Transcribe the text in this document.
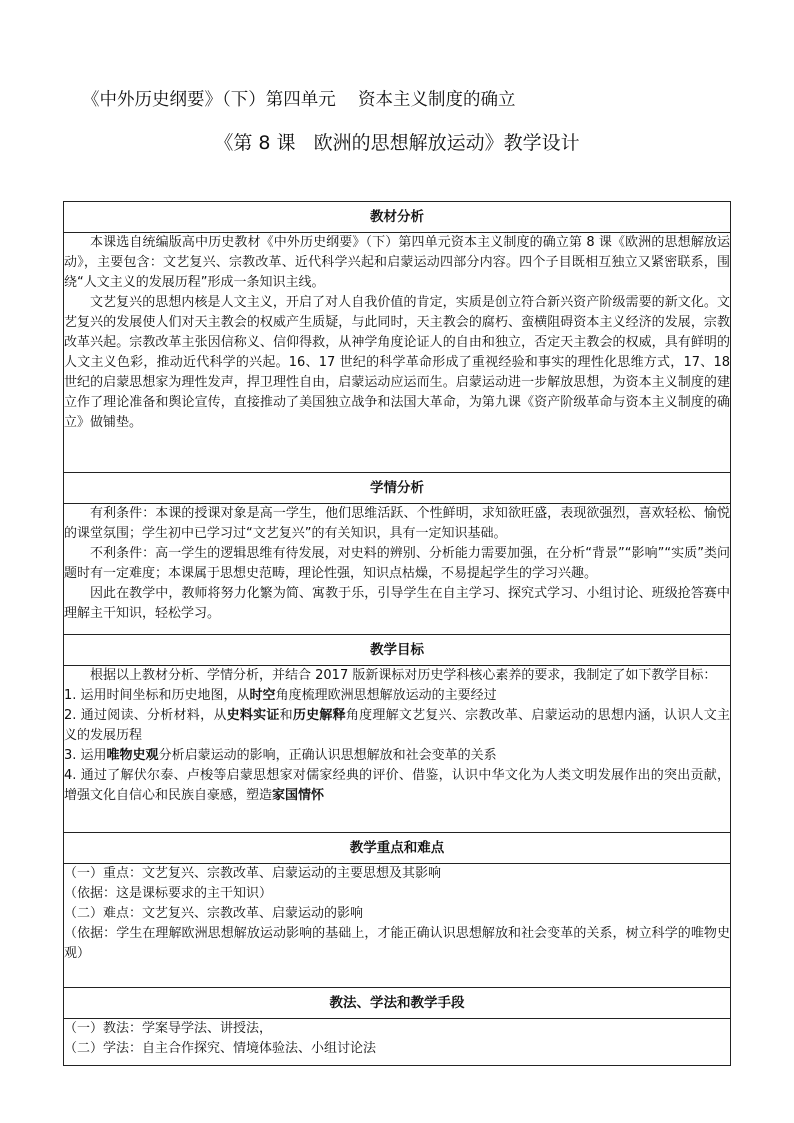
《中外历史纲要》（下）第四单元    资本主义制度的确立
《第 8 课   欧洲的思想解放运动》教学设计
教材分析

本课选自统编版高中历史教材《中外历史纲要》（下）第四单元资本主义制度的确立第 8 课《欧洲的思想解放运动》，主要包含：文艺复兴、宗教改革、近代科学兴起和启蒙运动四部分内容。四个子目既相互独立又紧密联系，围绕“人文主义的发展历程”形成一条知识主线。

文艺复兴的思想内核是人文主义，开启了对人自我价值的肯定，实质是创立符合新兴资产阶级需要的新文化。文艺复兴的发展使人们对天主教会的权威产生质疑，与此同时，天主教会的腐朽、蛮横阻碍资本主义经济的发展，宗教改革兴起。宗教改革主张因信称义、信仰得救，从神学角度论证人的自由和独立，否定天主教会的权威，具有鲜明的人文主义色彩，推动近代科学的兴起。16、17 世纪的科学革命形成了重视经验和事实的理性化思维方式，17、18 世纪的启蒙思想家为理性发声，捍卫理性自由，启蒙运动应运而生。启蒙运动进一步解放思想，为资本主义制度的建立作了理论准备和舆论宣传，直接推动了美国独立战争和法国大革命，为第九课《资产阶级革命与资本主义制度的确立》做铺垫。

学情分析

有利条件：本课的授课对象是高一学生，他们思维活跃、个性鲜明，求知欲旺盛，表现欲强烈，喜欢轻松、愉悦的课堂氛围；学生初中已学习过“文艺复兴”的有关知识，具有一定知识基础。

不利条件：高一学生的逻辑思维有待发展，对史料的辨别、分析能力需要加强，在分析“背景”“影响”“实质”类问题时有一定难度；本课属于思想史范畴，理论性强，知识点枯燥，不易提起学生的学习兴趣。

因此在教学中，教师将努力化繁为简、寓教于乐，引导学生在自主学习、探究式学习、小组讨论、班级抢答赛中理解主干知识，轻松学习。

教学目标

根据以上教材分析、学情分析，并结合 2017 版新课标对历史学科核心素养的要求，我制定了如下教学目标：

1. 运用时间坐标和历史地图，从时空角度梳理欧洲思想解放运动的主要经过

2. 通过阅读、分析材料，从史料实证和历史解释角度理解文艺复兴、宗教改革、启蒙运动的思想内涵，认识人文主义的发展历程

3. 运用唯物史观分析启蒙运动的影响，正确认识思想解放和社会变革的关系

4. 通过了解伏尔泰、卢梭等启蒙思想家对儒家经典的评价、借鉴，认识中华文化为人类文明发展作出的突出贡献，增强文化自信心和民族自豪感，塑造家国情怀

教学重点和难点

（一）重点：文艺复兴、宗教改革、启蒙运动的主要思想及其影响

（依据：这是课标要求的主干知识）

（二）难点：文艺复兴、宗教改革、启蒙运动的影响

（依据：学生在理解欧洲思想解放运动影响的基础上，才能正确认识思想解放和社会变革的关系，树立科学的唯物史观）

教法、学法和教学手段

（一）教法：学案导学法、讲授法，

（二）学法：自主合作探究、情境体验法、小组讨论法
